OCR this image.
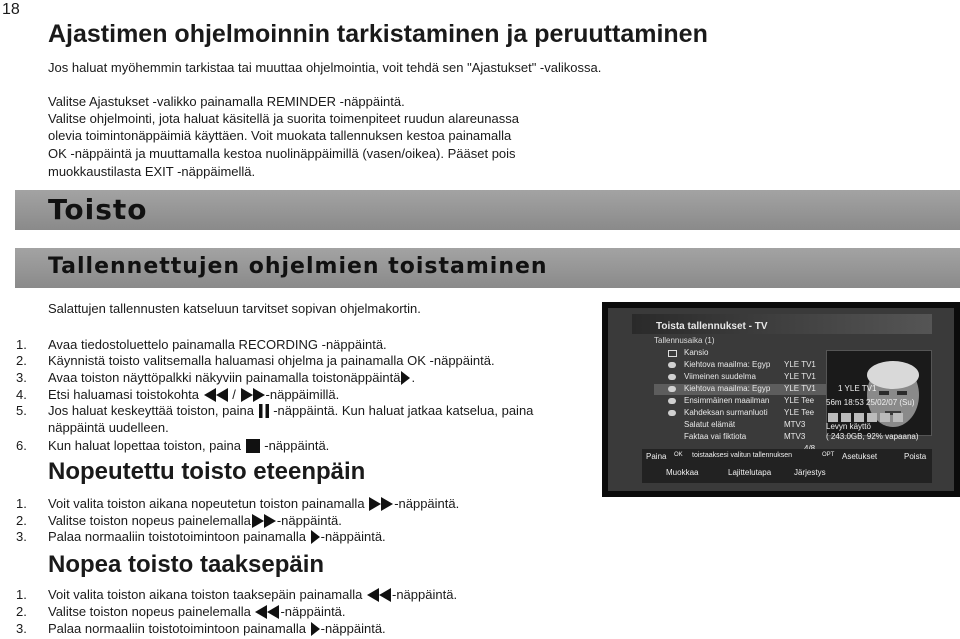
18
Ajastimen ohjelmoinnin tarkistaminen ja peruuttaminen
Jos haluat myöhemmin tarkistaa tai muuttaa ohjelmointia, voit tehdä sen "Ajastukset" -valikossa.
Valitse Ajastukset -valikko painamalla REMINDER -näppäintä.
Valitse ohjelmointi, jota haluat käsitellä ja suorita toimenpiteet ruudun alareunassa
olevia toimintonäppäimiä käyttäen. Voit muokata tallennuksen kestoa painamalla
OK -näppäintä ja muuttamalla kestoa nuolinäppäimillä (vasen/oikea). Pääset pois
muokkaustilasta EXIT -näppäimellä.
Toisto
Tallennettujen ohjelmien toistaminen
Salattujen tallennusten katseluun tarvitset sopivan ohjelmakortin.
1. Avaa tiedostoluettelo painamalla RECORDING -näppäintä.
2. Käynnistä toisto valitsemalla haluamasi ohjelma ja painamalla OK -näppäintä.
3. Avaa toiston näyttöpalkki näkyviin painamalla toistonäppäintä .
4. Etsi haluamasi toistokohta	/ -näppäimillä.
5. Jos haluat keskeyttää toiston, paina -näppäintä. Kun haluat jatkaa katselua, paina
näppäintä uudelleen.
6. Kun haluat lopettaa toiston, paina -näppäintä.
Nopeutettu toisto eteenpäin
1. Voit valita toiston aikana nopeutetun toiston painamalla -näppäintä.
2. Valitse toiston nopeus painelemalla -näppäintä.
3. Palaa normaaliin toistotoimintoon painamalla -näppäintä.
Nopea toisto taaksepäin
1. Voit valita toiston aikana toiston taaksepäin painamalla -näppäintä.
2. Valitse toiston nopeus painelemalla -näppäintä.
3. Palaa normaaliin toistotoimintoon painamalla -näppäintä.
Toista tallennukset - TV
Tallennusaika (1)
Kansio
Kiehtova maailma: Egyp YLE TV1
Viimeinen suudelma	YLE TV1
Kiehtova maailma: Egyp YLE TV1
Ensimmäinen maailman YLE Tee
Kahdeksan surmanluoti YLE Tee
Salatut elämät	MTV3
Faktaa vai fiktiota	MTV3
1 YLE TV1
56m 18:53 25/02/07 (Su)
Levyn käyttö
( 243.0GB, 92% vapaana)
Paina OK toistaaksesi valitun tallennuksen	OPT Asetukset	Poista
Muokkaa	Lajittelutapa	Järjestys
